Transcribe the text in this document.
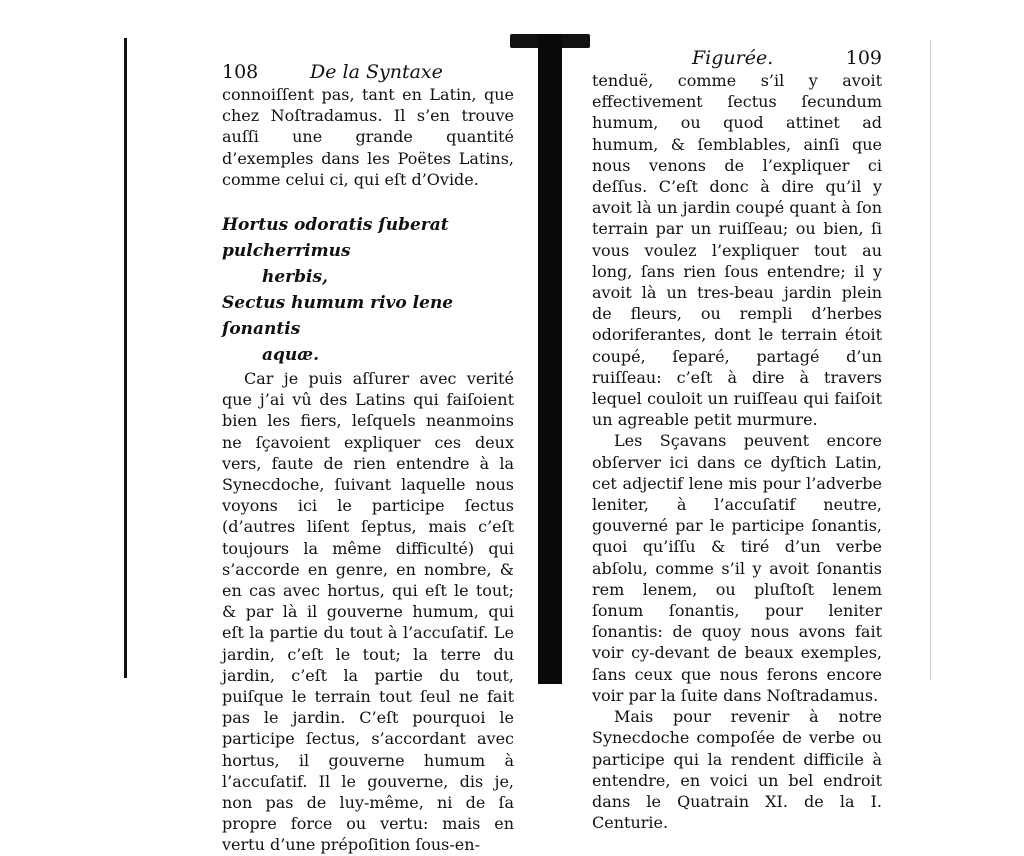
108	De la Syntaxe

connoiſſent pas, tant en Latin, que chez Noſtradamus. Il s’en trouve auſſi une grande quantité d’exemples dans les Poëtes Latins, comme celui ci, qui eſt d’Ovide.

Hortus odoratis ſuberat pulcherrimus
herbis,
Sectus humum rivo lene ſonantis
aquæ.

Car je puis aſſurer avec verité que j’ai vû des Latins qui faiſoient bien les fiers, leſquels neanmoins ne ſçavoient expliquer ces deux vers, faute de rien entendre à la Synecdoche, ſuivant laquelle nous voyons ici le participe ſectus (d’autres liſent ſeptus, mais c’eſt toujours la même difficulté) qui s’accorde en genre, en nombre, & en cas avec hortus, qui eſt le tout; & par là il gouverne humum, qui eſt la partie du tout à l’accuſatif. Le jardin, c’eſt le tout; la terre du jardin, c’eſt la partie du tout, puiſque le terrain tout ſeul ne fait pas le jardin. C’eſt pourquoi le participe ſectus, s’accordant avec hortus, il gouverne humum à l’accuſatif. Il le gouverne, dis je, non pas de luy-même, ni de ſa propre force ou vertu: mais en vertu d’une prépoſition ſous-en-

Figurée.	109

tenduë, comme s’il y avoit effectivement ſectus ſecundum humum, ou quod attinet ad humum, & ſemblables, ainſi que nous venons de l’expliquer ci deſſus. C’eſt donc à dire qu’il y avoit là un jardin coupé quant à ſon terrain par un ruiſſeau; ou bien, ſi vous voulez l’expliquer tout au long, ſans rien ſous entendre; il y avoit là un tres-beau jardin plein de fleurs, ou rempli d’herbes odoriferantes, dont le terrain étoit coupé, ſeparé, partagé d’un ruiſſeau: c’eſt à dire à travers lequel couloit un ruiſſeau qui faiſoit un agreable petit murmure.

Les Sçavans peuvent encore obſerver ici dans ce dyſtich Latin, cet adjectif lene mis pour l’adverbe leniter, à l’accuſatif neutre, gouverné par le participe ſonantis, quoi qu’iſſu & tiré d’un verbe abſolu, comme s’il y avoit ſonantis rem lenem, ou pluſtoſt lenem ſonum ſonantis, pour leniter ſonantis: de quoy nous avons fait voir cy-devant de beaux exemples, ſans ceux que nous ferons encore voir par la ſuite dans Noſtradamus.

Mais pour revenir à notre Synecdoche compoſée de verbe ou participe qui la rendent difficile à entendre, en voici un bel endroit dans le Quatrain XI. de la I. Centurie.
